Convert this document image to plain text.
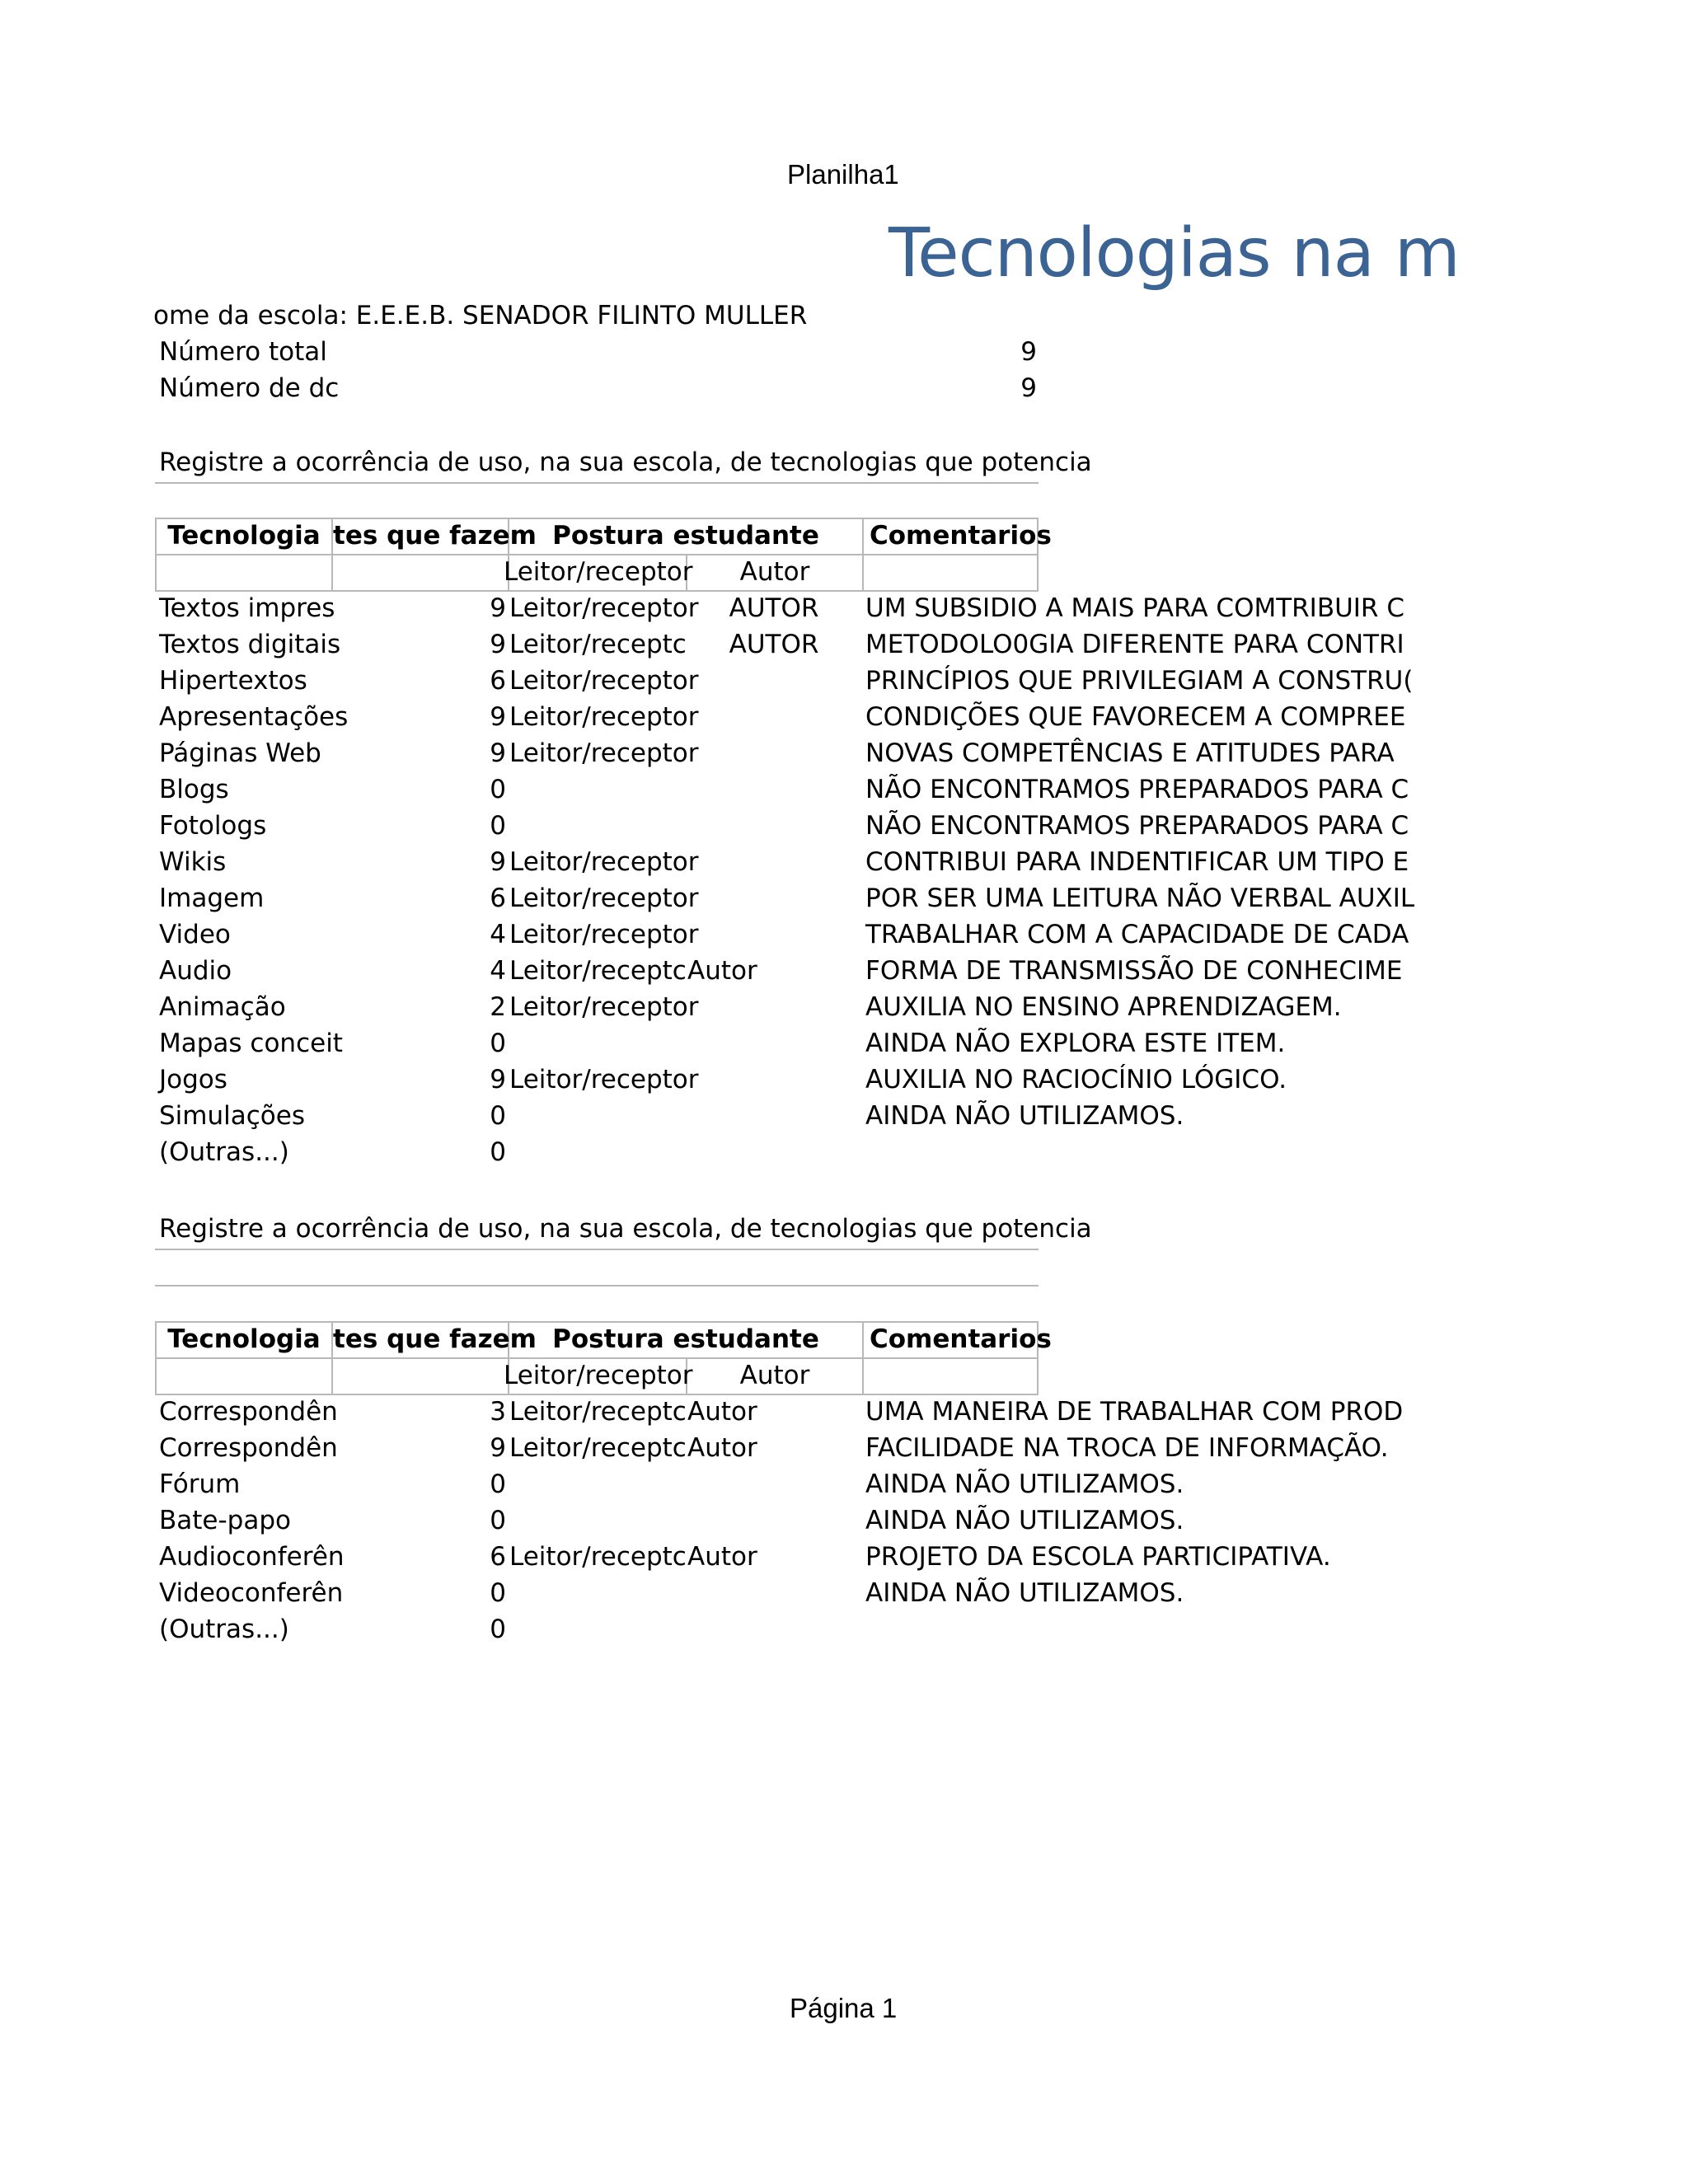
Planilha1
Tecnologias na m
ome da escola: E.E.E.B. SENADOR FILINTO MULLER
Número total	9
Número de dc	9
Registre a ocorrência de uso, na sua escola, de tecnologias que potencia
Tecnologia tes que fazem Postura estudante	Comentarios
Leitor/receptor	Autor
Textos impres	9 Leitor/receptor	AUTOR	UM SUBSIDIO A MAIS PARA COMTRIBUIR C
Textos digitais	9 Leitor/receptc	AUTOR	METODOLO0GIA DIFERENTE PARA CONTRI
Hipertextos	6 Leitor/receptor	PRINCÍPIOS QUE PRIVILEGIAM A CONSTRU(
Apresentações	9 Leitor/receptor	CONDIÇÕES QUE FAVORECEM A COMPREE
Páginas Web	9 Leitor/receptor	NOVAS COMPETÊNCIAS E ATITUDES PARA
Blogs	0	NÃO ENCONTRAMOS PREPARADOS PARA C
Fotologs	0	NÃO ENCONTRAMOS PREPARADOS PARA C
Wikis	9 Leitor/receptor	CONTRIBUI PARA INDENTIFICAR UM TIPO E
Imagem	6 Leitor/receptor	POR SER UMA LEITURA NÃO VERBAL AUXIL
Video	4 Leitor/receptor	TRABALHAR COM A CAPACIDADE DE CADA
Audio	4 Leitor/receptc Autor	FORMA DE TRANSMISSÃO DE CONHECIME
Animação	2 Leitor/receptor	AUXILIA NO ENSINO APRENDIZAGEM.
Mapas conceit	0	AINDA NÃO EXPLORA ESTE ITEM.
Jogos	9 Leitor/receptor	AUXILIA NO RACIOCÍNIO LÓGICO.
Simulações	0	AINDA NÃO UTILIZAMOS.
(Outras...)	0
Registre a ocorrência de uso, na sua escola, de tecnologias que potencia
Tecnologia tes que fazem Postura estudante	Comentarios
Leitor/receptor	Autor
Correspondên	3 Leitor/receptc Autor	UMA MANEIRA DE TRABALHAR COM PROD
Correspondên	9 Leitor/receptc Autor	FACILIDADE NA TROCA DE INFORMAÇÃO.
Fórum	0	AINDA NÃO UTILIZAMOS.
Bate-papo	0	AINDA NÃO UTILIZAMOS.
Audioconferên	6 Leitor/receptc Autor	PROJETO DA ESCOLA PARTICIPATIVA.
Videoconferên	0	AINDA NÃO UTILIZAMOS.
(Outras...)	0
Página 1
